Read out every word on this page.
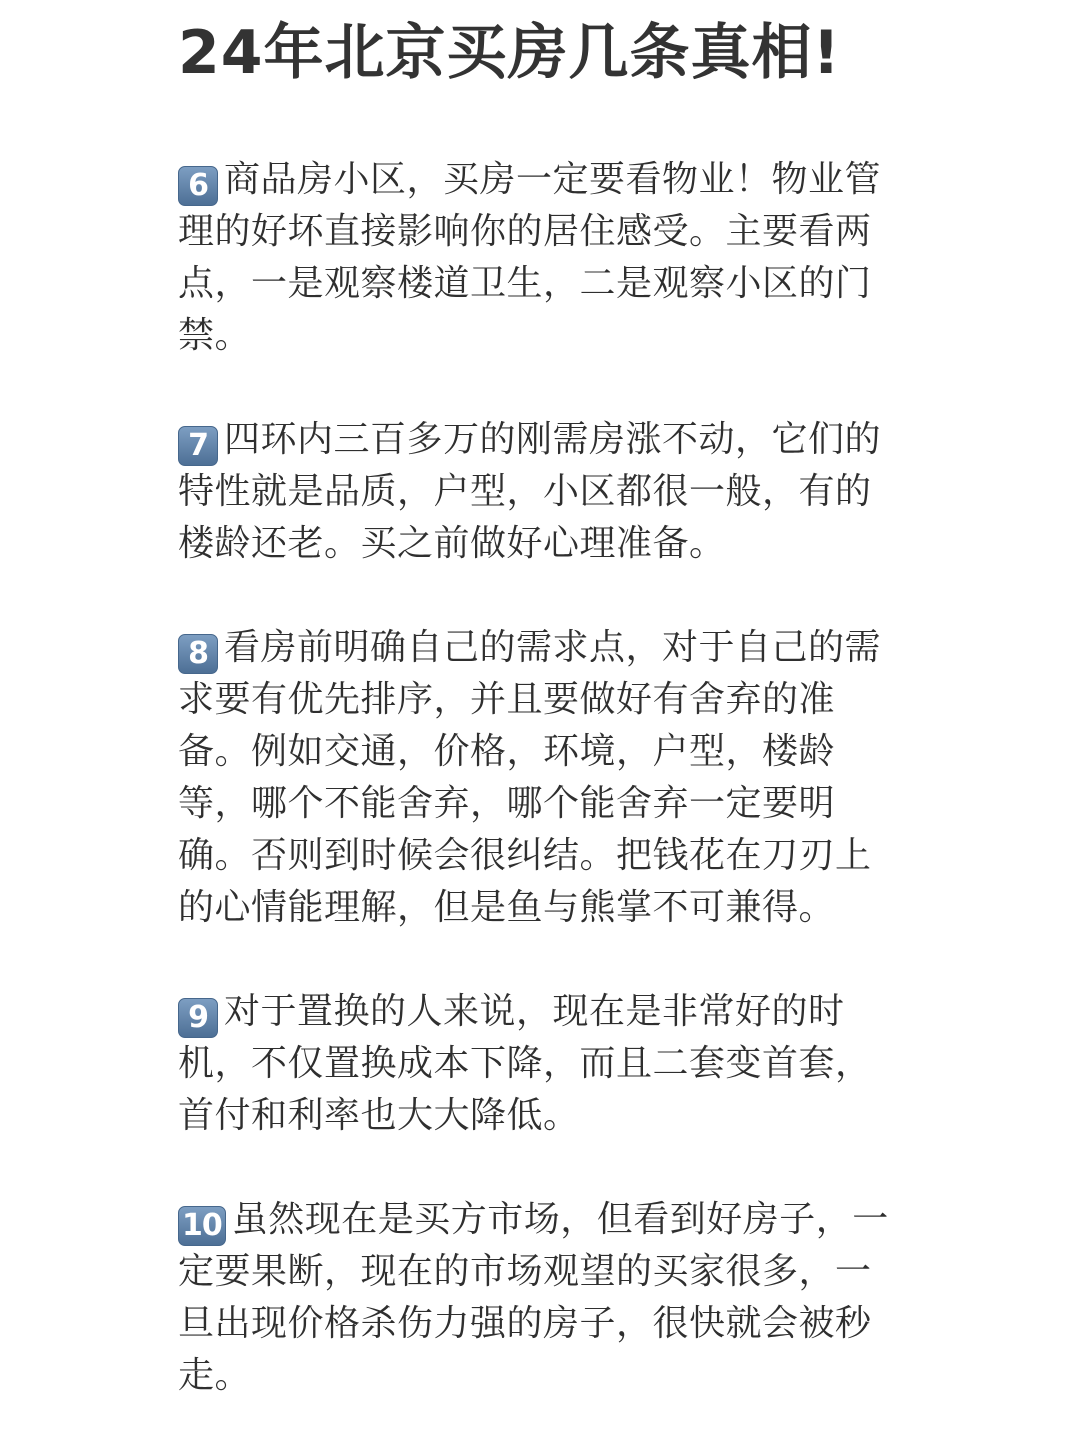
24年北京买房几条真相!

6 商品房小区，买房一定要看物业！物业管理的好坏直接影响你的居住感受。主要看两点，一是观察楼道卫生，二是观察小区的门禁。

7 四环内三百多万的刚需房涨不动，它们的特性就是品质，户型，小区都很一般，有的楼龄还老。买之前做好心理准备。

8 看房前明确自己的需求点，对于自己的需求要有优先排序，并且要做好有舍弃的准备。例如交通，价格，环境，户型，楼龄等，哪个不能舍弃，哪个能舍弃一定要明确。否则到时候会很纠结。把钱花在刀刃上的心情能理解，但是鱼与熊掌不可兼得。

9 对于置换的人来说，现在是非常好的时机，不仅置换成本下降，而且二套变首套，首付和利率也大大降低。

10 虽然现在是买方市场，但看到好房子，一定要果断，现在的市场观望的买家很多，一旦出现价格杀伤力强的房子，很快就会被秒走。
